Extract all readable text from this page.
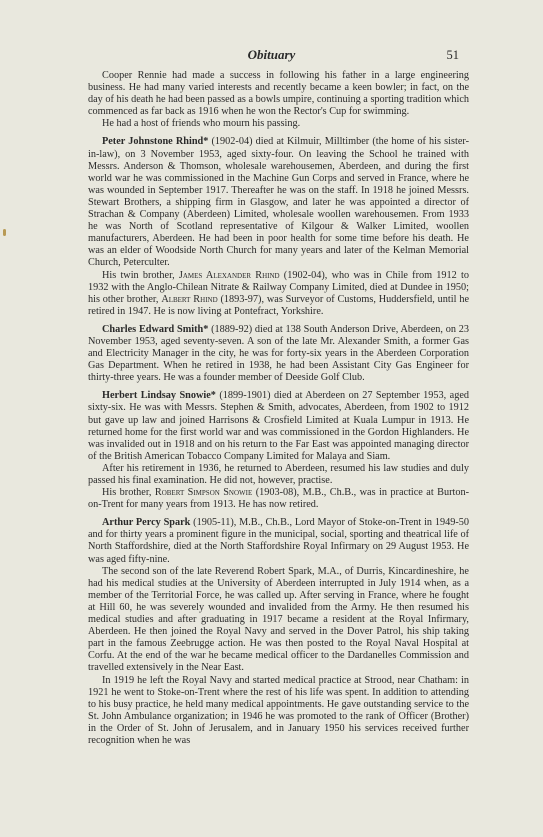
Obituary	51

Cooper Rennie had made a success in following his father in a large engineering business. He had many varied interests and recently became a keen bowler; in fact, on the day of his death he had been passed as a bowls umpire, continuing a sporting tradition which commenced as far back as 1916 when he won the Rector's Cup for swimming.

He had a host of friends who mourn his passing.

Peter Johnstone Rhind* (1902-04) died at Kilmuir, Milltimber (the home of his sister-in-law), on 3 November 1953, aged sixty-four. On leaving the School he trained with Messrs. Anderson & Thomson, wholesale warehousemen, Aberdeen, and during the first world war he was commissioned in the Machine Gun Corps and served in France, where he was wounded in September 1917. Thereafter he was on the staff. In 1918 he joined Messrs. Stewart Brothers, a shipping firm in Glasgow, and later he was appointed a director of Strachan & Company (Aberdeen) Limited, wholesale woollen warehousemen. From 1933 he was North of Scotland representative of Kilgour & Walker Limited, woollen manufacturers, Aberdeen. He had been in poor health for some time before his death. He was an elder of Woodside North Church for many years and later of the Kelman Memorial Church, Peterculter.

His twin brother, James Alexander Rhind (1902-04), who was in Chile from 1912 to 1932 with the Anglo-Chilean Nitrate & Railway Company Limited, died at Dundee in 1950; his other brother, Albert Rhind (1893-97), was Surveyor of Customs, Huddersfield, until he retired in 1947. He is now living at Pontefract, Yorkshire.

Charles Edward Smith* (1889-92) died at 138 South Anderson Drive, Aberdeen, on 23 November 1953, aged seventy-seven. A son of the late Mr. Alexander Smith, a former Gas and Electricity Manager in the city, he was for forty-six years in the Aberdeen Corporation Gas Department. When he retired in 1938, he had been Assistant City Gas Engineer for thirty-three years. He was a founder member of Deeside Golf Club.

Herbert Lindsay Snowie* (1899-1901) died at Aberdeen on 27 September 1953, aged sixty-six. He was with Messrs. Stephen & Smith, advocates, Aberdeen, from 1902 to 1912 but gave up law and joined Harrisons & Crosfield Limited at Kuala Lumpur in 1913. He returned home for the first world war and was commissioned in the Gordon Highlanders. He was invalided out in 1918 and on his return to the Far East was appointed managing director of the British American Tobacco Company Limited for Malaya and Siam.

After his retirement in 1936, he returned to Aberdeen, resumed his law studies and duly passed his final examination. He did not, however, practise.

His brother, Robert Simpson Snowie (1903-08), M.B., Ch.B., was in practice at Burton-on-Trent for many years from 1913. He has now retired.

Arthur Percy Spark (1905-11), M.B., Ch.B., Lord Mayor of Stoke-on-Trent in 1949-50 and for thirty years a prominent figure in the municipal, social, sporting and theatrical life of North Staffordshire, died at the North Staffordshire Royal Infirmary on 29 August 1953. He was aged fifty-nine.

The second son of the late Reverend Robert Spark, M.A., of Durris, Kincardineshire, he had his medical studies at the University of Aberdeen interrupted in July 1914 when, as a member of the Territorial Force, he was called up. After serving in France, where he fought at Hill 60, he was severely wounded and invalided from the Army. He then resumed his medical studies and after graduating in 1917 became a resident at the Royal Infirmary, Aberdeen. He then joined the Royal Navy and served in the Dover Patrol, his ship taking part in the famous Zeebrugge action. He was then posted to the Royal Naval Hospital at Corfu. At the end of the war he became medical officer to the Dardanelles Commission and travelled extensively in the Near East.

In 1919 he left the Royal Navy and started medical practice at Strood, near Chatham: in 1921 he went to Stoke-on-Trent where the rest of his life was spent. In addition to attending to his busy practice, he held many medical appointments. He gave outstanding service to the St. John Ambulance organization; in 1946 he was promoted to the rank of Officer (Brother) in the Order of St. John of Jerusalem, and in January 1950 his services received further recognition when he was
